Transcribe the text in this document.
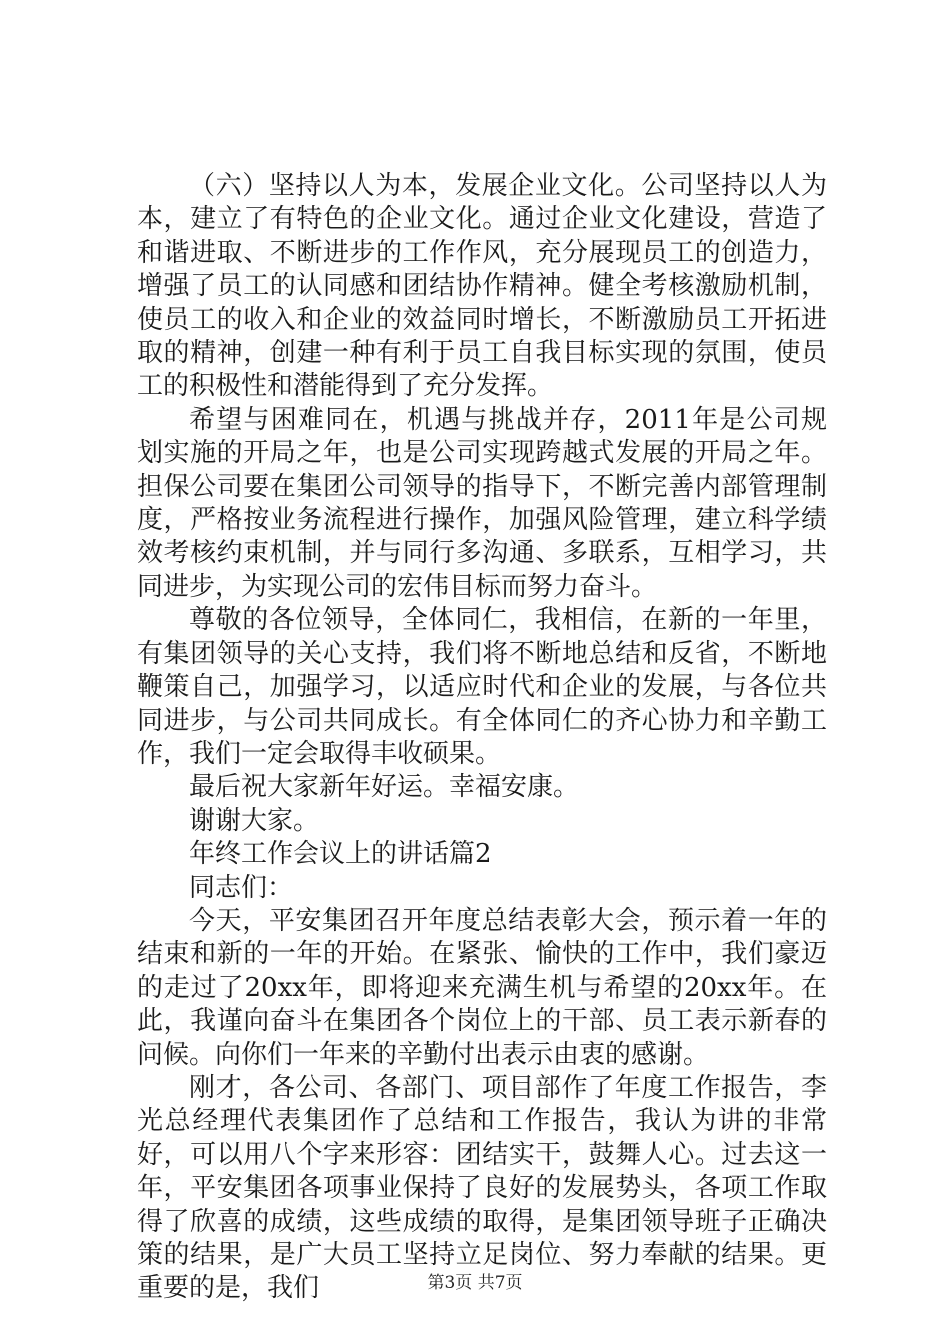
（六）坚持以人为本，发展企业文化。公司坚持以人为本，建立了有特色的企业文化。通过企业文化建设，营造了和谐进取、不断进步的工作作风，充分展现员工的创造力，增强了员工的认同感和团结协作精神。健全考核激励机制，使员工的收入和企业的效益同时增长，不断激励员工开拓进取的精神，创建一种有利于员工自我目标实现的氛围，使员工的积极性和潜能得到了充分发挥。

希望与困难同在，机遇与挑战并存，2011年是公司规划实施的开局之年，也是公司实现跨越式发展的开局之年。担保公司要在集团公司领导的指导下，不断完善内部管理制度，严格按业务流程进行操作，加强风险管理，建立科学绩效考核约束机制，并与同行多沟通、多联系，互相学习，共同进步，为实现公司的宏伟目标而努力奋斗。

尊敬的各位领导，全体同仁，我相信，在新的一年里，有集团领导的关心支持，我们将不断地总结和反省，不断地鞭策自己，加强学习，以适应时代和企业的发展，与各位共同进步，与公司共同成长。有全体同仁的齐心协力和辛勤工作，我们一定会取得丰收硕果。

最后祝大家新年好运。幸福安康。

谢谢大家。

年终工作会议上的讲话篇2

同志们：

今天，平安集团召开年度总结表彰大会，预示着一年的结束和新的一年的开始。在紧张、愉快的工作中，我们豪迈的走过了20xx年，即将迎来充满生机与希望的20xx年。在此，我谨向奋斗在集团各个岗位上的干部、员工表示新春的问候。向你们一年来的辛勤付出表示由衷的感谢。

刚才，各公司、各部门、项目部作了年度工作报告，李光总经理代表集团作了总结和工作报告，我认为讲的非常好，可以用八个字来形容：团结实干，鼓舞人心。过去这一年，平安集团各项事业保持了良好的发展势头，各项工作取得了欣喜的成绩，这些成绩的取得，是集团领导班子正确决策的结果，是广大员工坚持立足岗位、努力奉献的结果。更重要的是，我们	第3页 共7页
